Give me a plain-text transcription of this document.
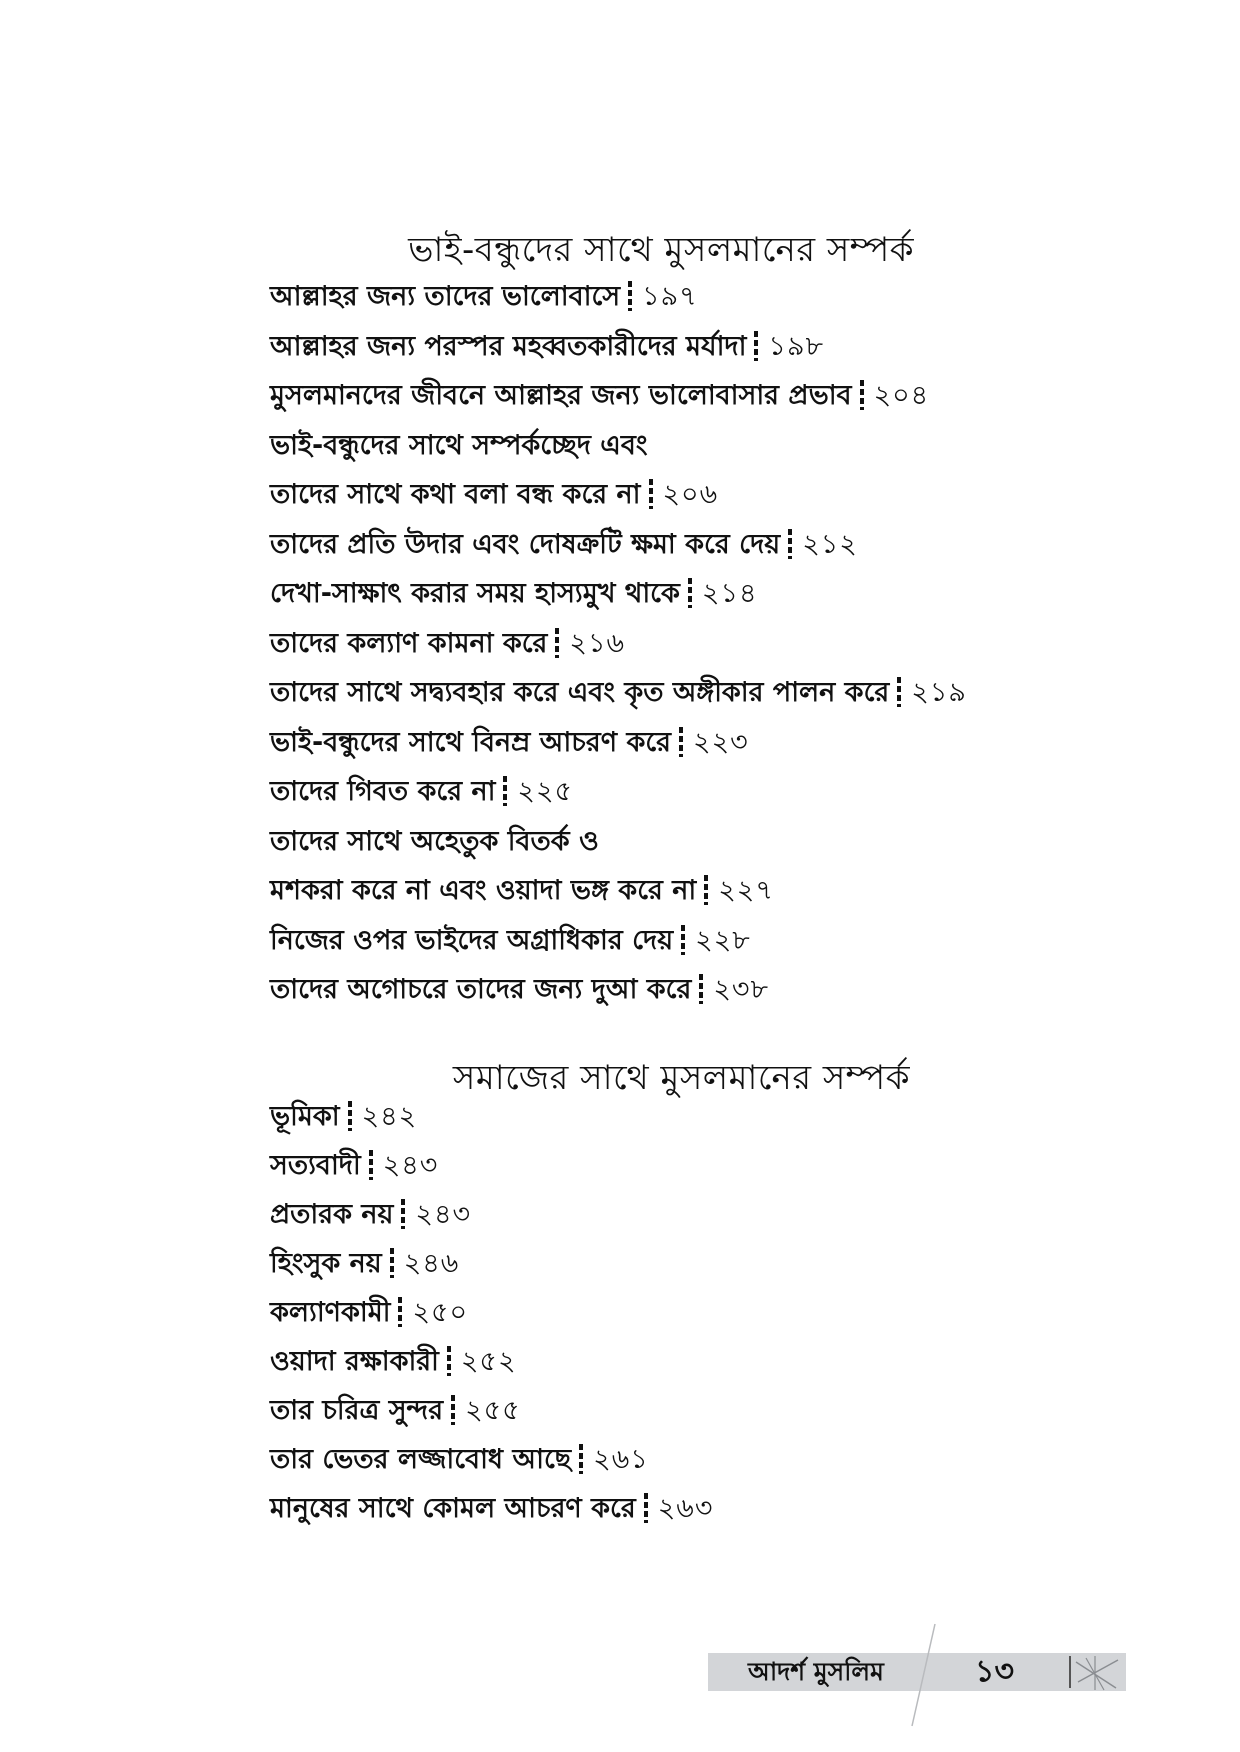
ভাই-বন্ধুদের সাথে মুসলমানের সম্পর্ক
আল্লাহর জন্য তাদের ভালোবাসে ১৯৭
আল্লাহর জন্য পরস্পর মহব্বতকারীদের মর্যাদা ১৯৮
মুসলমানদের জীবনে আল্লাহর জন্য ভালোবাসার প্রভাব ২০৪
ভাই-বন্ধুদের সাথে সম্পর্কচ্ছেদ এবং
তাদের সাথে কথা বলা বন্ধ করে না ২০৬
তাদের প্রতি উদার এবং দোষক্রটি ক্ষমা করে দেয় ২১২
দেখা-সাক্ষাৎ করার সময় হাস্যমুখ থাকে ২১৪
তাদের কল্যাণ কামনা করে ২১৬
তাদের সাথে সদ্ব্যবহার করে এবং কৃত অঙ্গীকার পালন করে ২১৯
ভাই-বন্ধুদের সাথে বিনম্র আচরণ করে ২২৩
তাদের গিবত করে না ২২৫
তাদের সাথে অহেতুক বিতর্ক ও
মশকরা করে না এবং ওয়াদা ভঙ্গ করে না ২২৭
নিজের ওপর ভাইদের অগ্রাধিকার দেয় ২২৮
তাদের অগোচরে তাদের জন্য দুআ করে ২৩৮
সমাজের সাথে মুসলমানের সম্পর্ক
ভূমিকা ২৪২
সত্যবাদী ২৪৩
প্রতারক নয় ২৪৩
হিংসুক নয় ২৪৬
কল্যাণকামী ২৫০
ওয়াদা রক্ষাকারী ২৫২
তার চরিত্র সুন্দর ২৫৫
তার ভেতর লজ্জাবোধ আছে ২৬১
মানুষের সাথে কোমল আচরণ করে ২৬৩
আদর্শ মুসলিম	১৩
